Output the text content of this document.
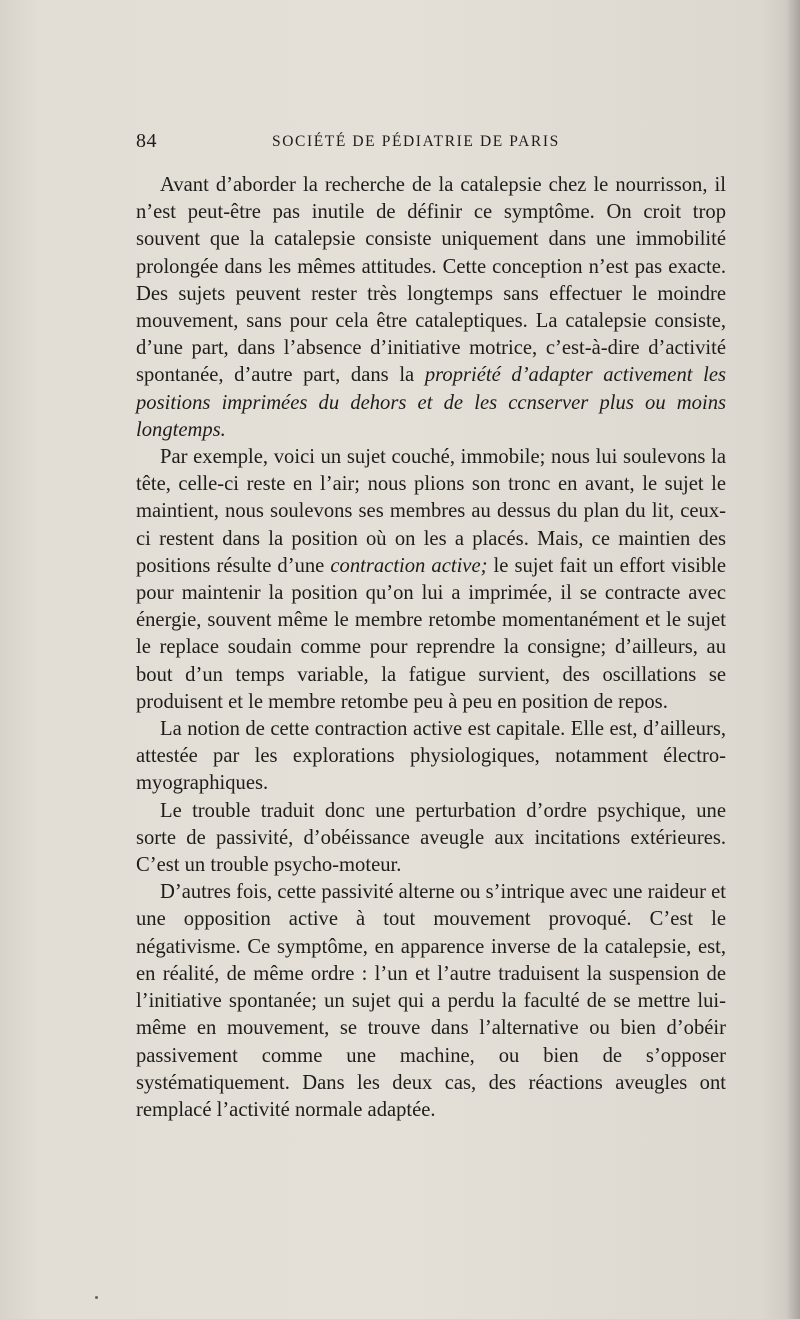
84	SOCIÉTÉ DE PÉDIATRIE DE PARIS

Avant d’aborder la recherche de la catalepsie chez le nourrisson, il n’est peut-être pas inutile de définir ce symptôme. On croit trop souvent que la catalepsie consiste uniquement dans une immobilité prolongée dans les mêmes attitudes. Cette conception n’est pas exacte. Des sujets peuvent rester très longtemps sans effectuer le moindre mouvement, sans pour cela être cataleptiques. La catalepsie consiste, d’une part, dans l’absence d’initiative motrice, c’est-à-dire d’activité spontanée, d’autre part, dans la propriété d’adapter activement les positions imprimées du dehors et de les ccnserver plus ou moins longtemps.

Par exemple, voici un sujet couché, immobile; nous lui soulevons la tête, celle-ci reste en l’air; nous plions son tronc en avant, le sujet le maintient, nous soulevons ses membres au dessus du plan du lit, ceux-ci restent dans la position où on les a placés. Mais, ce maintien des positions résulte d’une contraction active; le sujet fait un effort visible pour maintenir la position qu’on lui a imprimée, il se contracte avec énergie, souvent même le membre retombe momentanément et le sujet le replace soudain comme pour reprendre la consigne; d’ailleurs, au bout d’un temps variable, la fatigue survient, des oscillations se produisent et le membre retombe peu à peu en position de repos.

La notion de cette contraction active est capitale. Elle est, d’ailleurs, attestée par les explorations physiologiques, notamment électro-myographiques.

Le trouble traduit donc une perturbation d’ordre psychique, une sorte de passivité, d’obéissance aveugle aux incitations extérieures. C’est un trouble psycho-moteur.

D’autres fois, cette passivité alterne ou s’intrique avec une raideur et une opposition active à tout mouvement provoqué. C’est le négativisme. Ce symptôme, en apparence inverse de la catalepsie, est, en réalité, de même ordre : l’un et l’autre traduisent la suspension de l’initiative spontanée; un sujet qui a perdu la faculté de se mettre lui-même en mouvement, se trouve dans l’alternative ou bien d’obéir passivement comme une machine, ou bien de s’opposer systématiquement. Dans les deux cas, des réactions aveugles ont remplacé l’activité normale adaptée.
